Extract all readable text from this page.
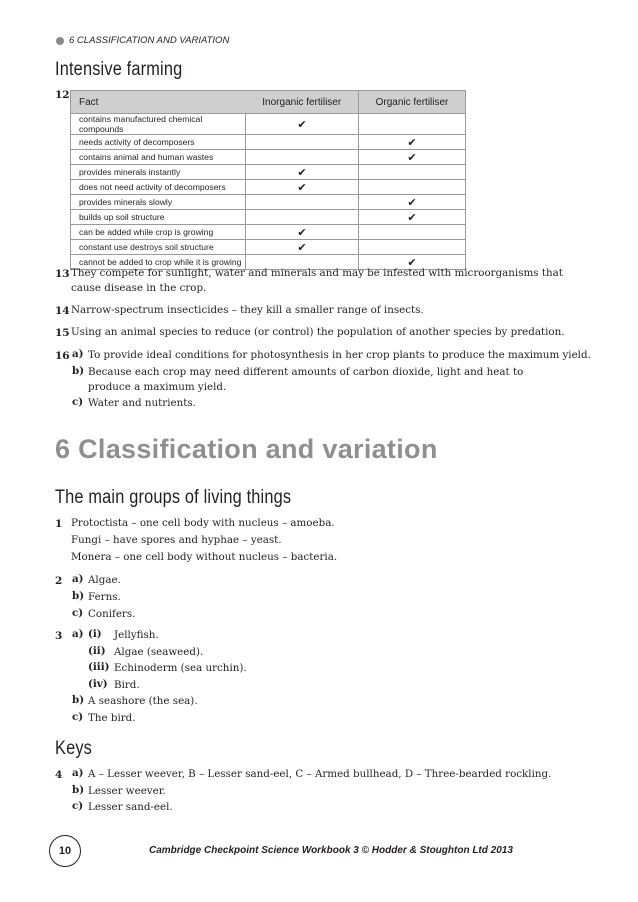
6 CLASSIFICATION AND VARIATION
Intensive farming
12
Fact	Inorganic fertiliser	Organic fertiliser
contains manufactured chemical compounds	✔	
needs activity of decomposers		✔
contains animal and human wastes		✔
provides minerals instantly	✔	
does not need activity of decomposers	✔	
provides minerals slowly		✔
builds up soil structure		✔
can be added while crop is growing	✔	
constant use destroys soil structure	✔	
cannot be added to crop while it is growing		✔
13 They compete for sunlight, water and minerals and may be infested with microorganisms that cause disease in the crop.
14 Narrow-spectrum insecticides – they kill a smaller range of insects.
15 Using an animal species to reduce (or control) the population of another species by predation.
16 a) To provide ideal conditions for photosynthesis in her crop plants to produce the maximum yield.
b) Because each crop may need different amounts of carbon dioxide, light and heat to produce a maximum yield.
c) Water and nutrients.
6 Classification and variation
The main groups of living things
1 Protoctista – one cell body with nucleus – amoeba.
Fungi – have spores and hyphae – yeast.
Monera – one cell body without nucleus – bacteria.
2 a) Algae.
b) Ferns.
c) Conifers.
3 a) (i) Jellyfish.
(ii) Algae (seaweed).
(iii) Echinoderm (sea urchin).
(iv) Bird.
b) A seashore (the sea).
c) The bird.
Keys
4 a) A – Lesser weever, B – Lesser sand-eel, C – Armed bullhead, D – Three-bearded rockling.
b) Lesser weever.
c) Lesser sand-eel.
10	Cambridge Checkpoint Science Workbook 3 © Hodder & Stoughton Ltd 2013
